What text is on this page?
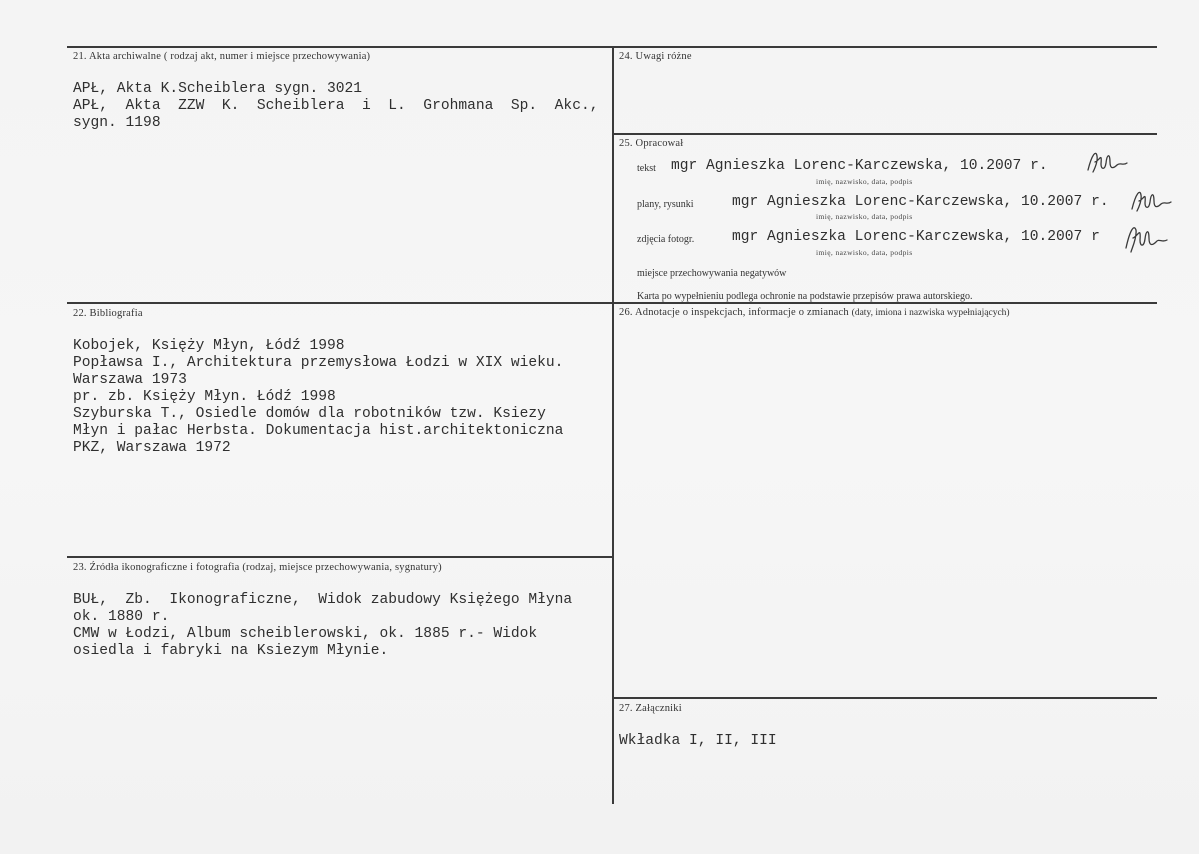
21. Akta archiwalne ( rodzaj akt, numer i miejsce przechowywania)
APŁ, Akta K.Scheiblera sygn. 3021
APŁ,  Akta  ZZW  K.  Scheiblera  i  L.  Grohmana  Sp.  Akc.,
sygn. 1198
24. Uwagi różne
25. Opracował
tekst mgr Agnieszka Lorenc-Karczewska, 10.2007 r.
imię, nazwisko, data, podpis
plany, rysunki	mgr Agnieszka Lorenc-Karczewska, 10.2007 r.
imię, nazwisko, data, podpis
zdjęcia fotogr.	mgr Agnieszka Lorenc-Karczewska, 10.2007 r
imię, nazwisko, data, podpis
miejsce przechowywania negatywów
Karta po wypełnieniu podlega ochronie na podstawie przepisów prawa autorskiego.
22. Bibliografia
Kobojek, Księży Młyn, Łódź 1998
Popławsa I., Architektura przemysłowa Łodzi w XIX wieku.
Warszawa 1973
pr. zb. Księży Młyn. Łódź 1998
Szyburska T., Osiedle domów dla robotników tzw. Ksiezy
Młyn i pałac Herbsta. Dokumentacja hist.architektoniczna
PKZ, Warszawa 1972
26. Adnotacje o inspekcjach, informacje o zmianach (daty, imiona i nazwiska wypełniających)
23. Źródła ikonograficzne i fotografia (rodzaj, miejsce przechowywania, sygnatury)
BUŁ,  Zb.  Ikonograficzne,  Widok zabudowy Księżego Młyna
ok. 1880 r.
CMW w Łodzi, Album scheiblerowski, ok. 1885 r.- Widok
osiedla i fabryki na Ksiezym Młynie.
27. Załączniki
Wkładka I, II, III
